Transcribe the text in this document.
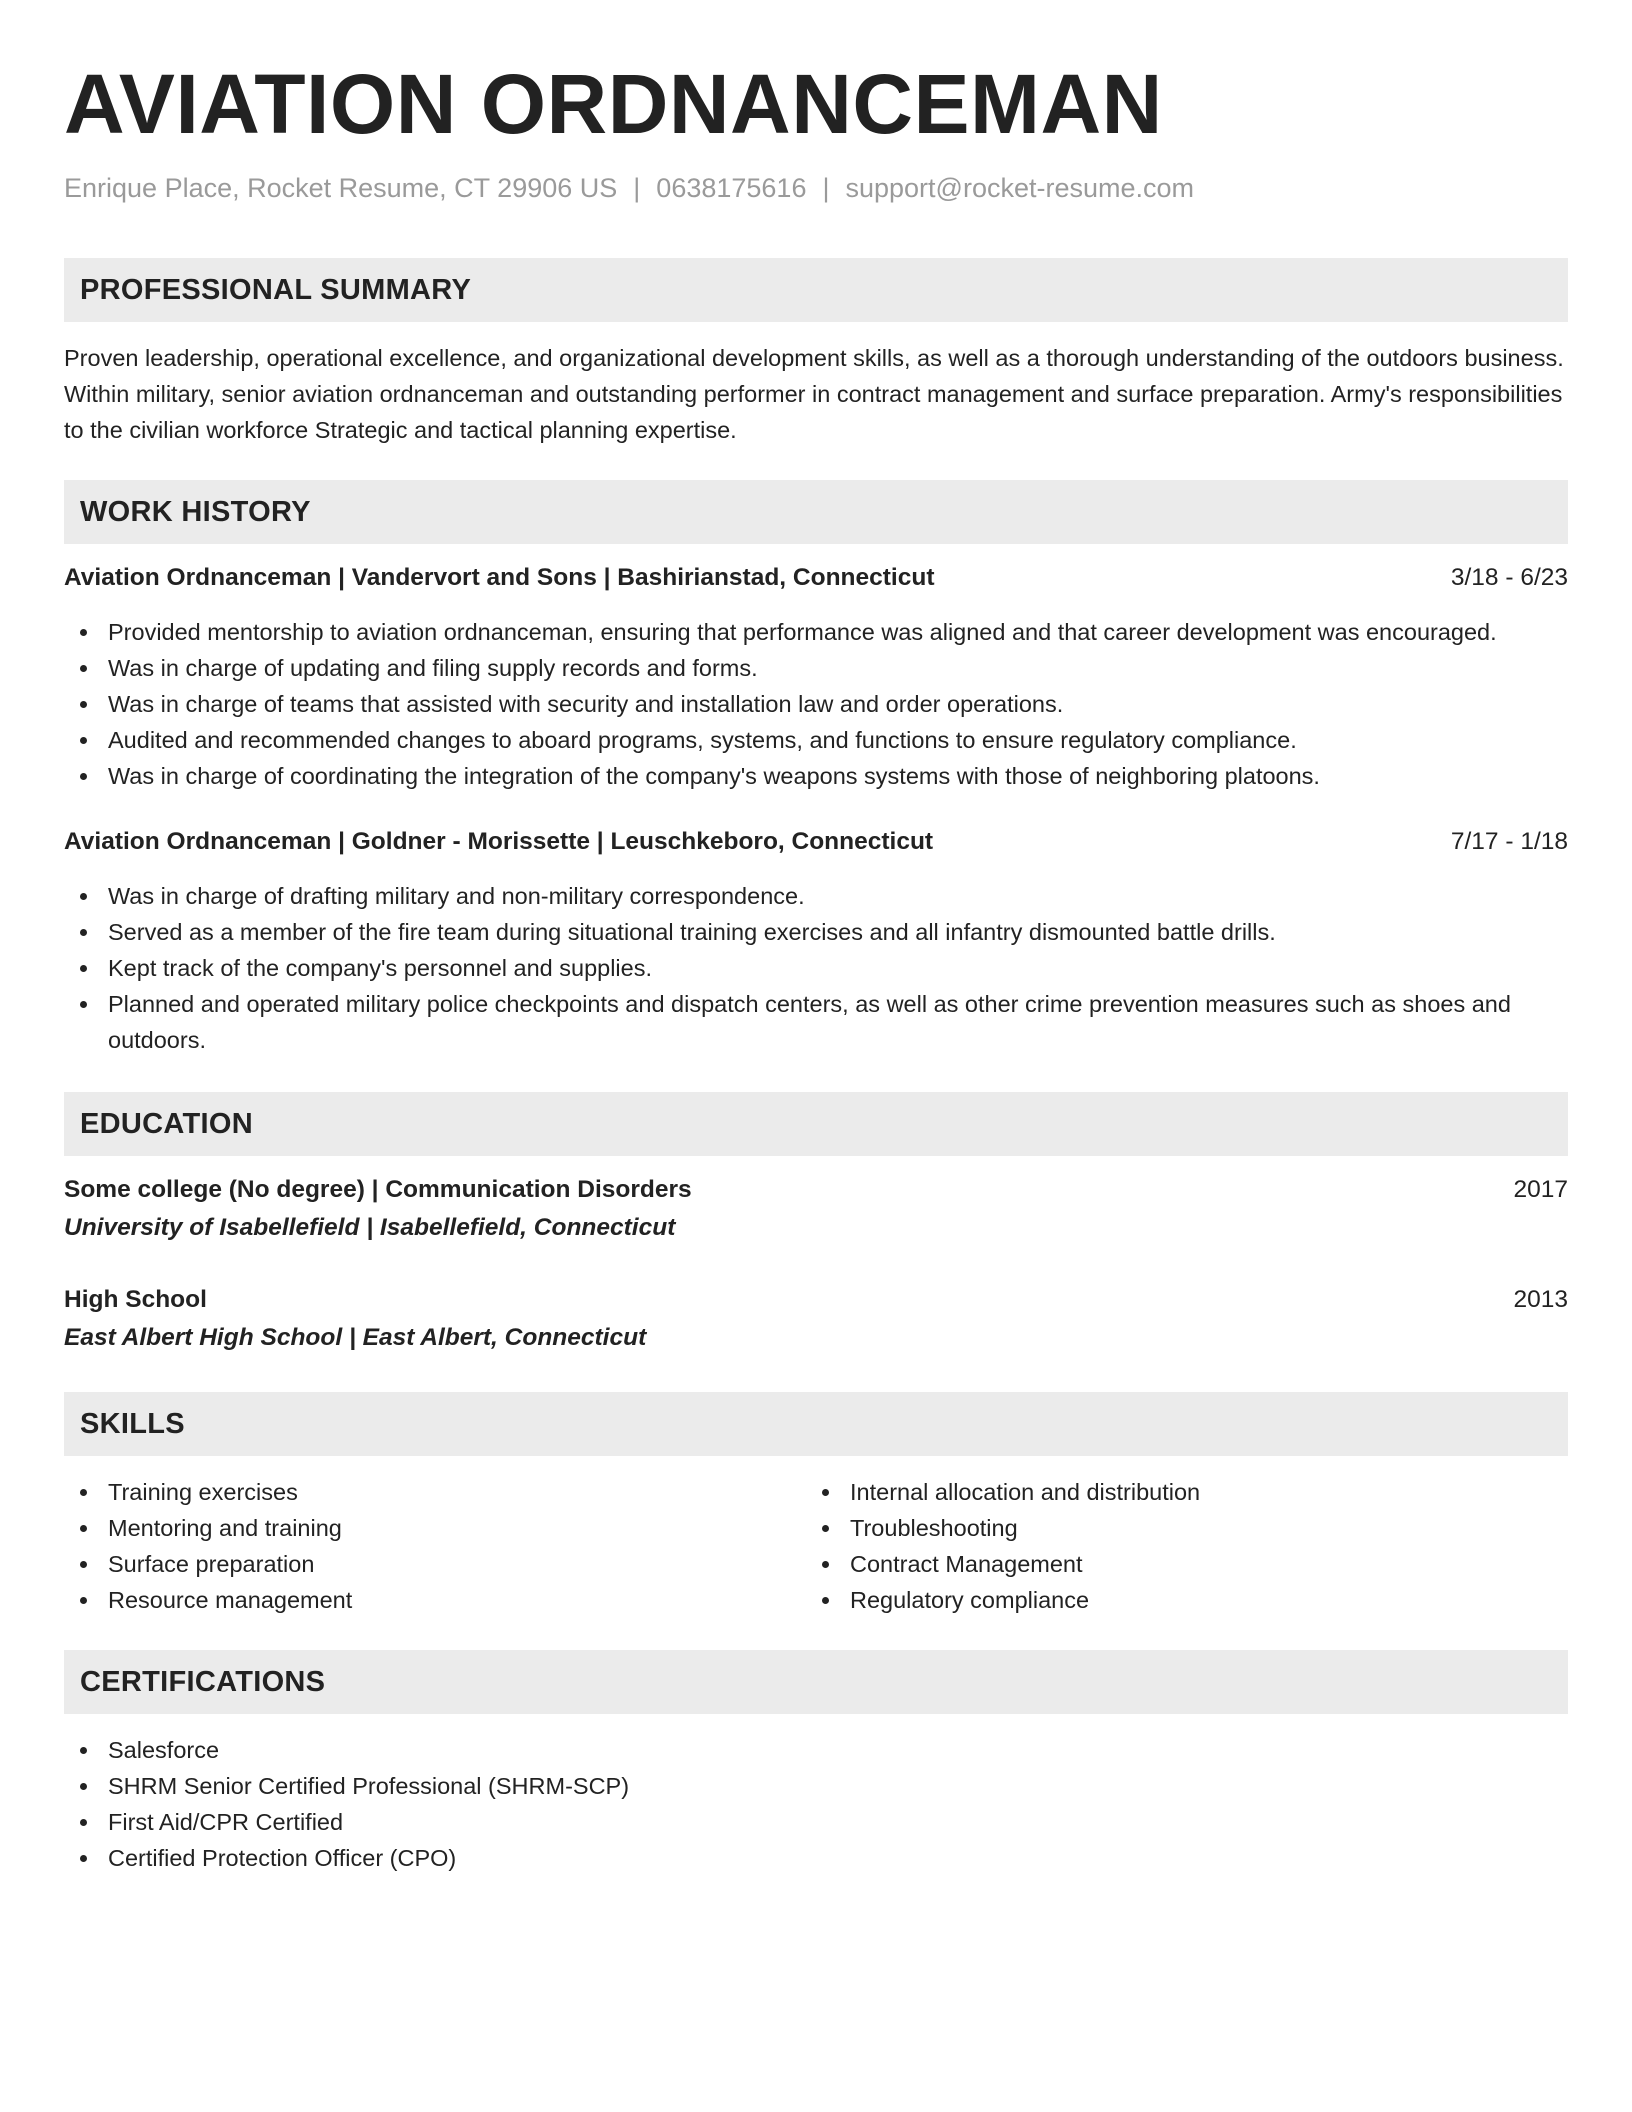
AVIATION ORDNANCEMAN
Enrique Place, Rocket Resume, CT 29906 US | 0638175616 | support@rocket-resume.com
PROFESSIONAL SUMMARY
Proven leadership, operational excellence, and organizational development skills, as well as a thorough understanding of the outdoors business. Within military, senior aviation ordnanceman and outstanding performer in contract management and surface preparation. Army's responsibilities to the civilian workforce Strategic and tactical planning expertise.
WORK HISTORY
Aviation Ordnanceman | Vandervort and Sons | Bashirianstad, Connecticut	3/18 - 6/23
Provided mentorship to aviation ordnanceman, ensuring that performance was aligned and that career development was encouraged.
Was in charge of updating and filing supply records and forms.
Was in charge of teams that assisted with security and installation law and order operations.
Audited and recommended changes to aboard programs, systems, and functions to ensure regulatory compliance.
Was in charge of coordinating the integration of the company's weapons systems with those of neighboring platoons.
Aviation Ordnanceman | Goldner - Morissette | Leuschkeboro, Connecticut	7/17 - 1/18
Was in charge of drafting military and non-military correspondence.
Served as a member of the fire team during situational training exercises and all infantry dismounted battle drills.
Kept track of the company's personnel and supplies.
Planned and operated military police checkpoints and dispatch centers, as well as other crime prevention measures such as shoes and outdoors.
EDUCATION
Some college (No degree) | Communication Disorders	2017
University of Isabellefield | Isabellefield, Connecticut
High School	2013
East Albert High School | East Albert, Connecticut
SKILLS
Training exercises
Mentoring and training
Surface preparation
Resource management
Internal allocation and distribution
Troubleshooting
Contract Management
Regulatory compliance
CERTIFICATIONS
Salesforce
SHRM Senior Certified Professional (SHRM-SCP)
First Aid/CPR Certified
Certified Protection Officer (CPO)
